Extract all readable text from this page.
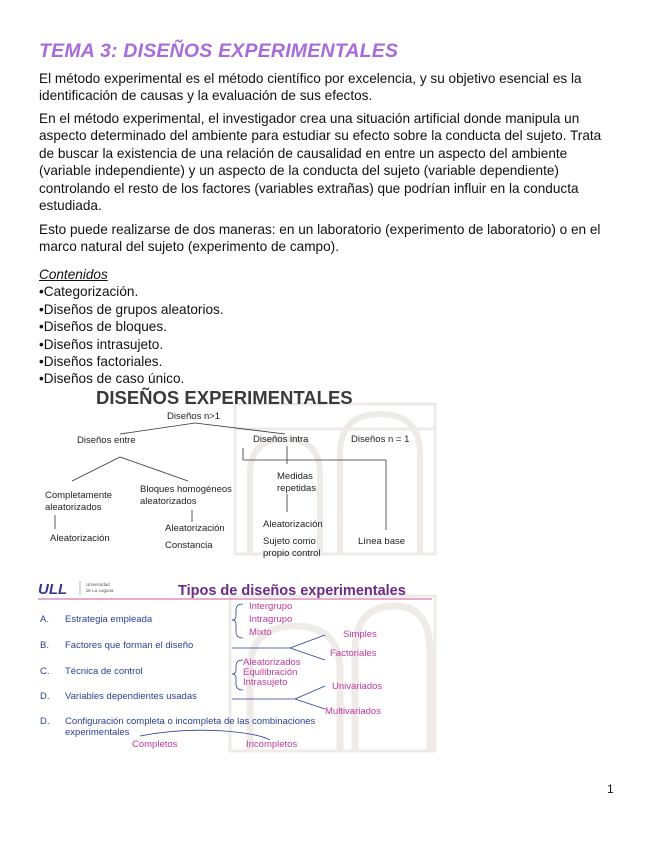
TEMA 3: DISEÑOS EXPERIMENTALES

El método experimental es el método científico por excelencia, y su objetivo esencial es la identificación de causas y la evaluación de sus efectos.

En el método experimental, el investigador crea una situación artificial donde manipula un aspecto determinado del ambiente para estudiar su efecto sobre la conducta del sujeto. Trata de buscar la existencia de una relación de causalidad en entre un aspecto del ambiente (variable independiente) y un aspecto de la conducta del sujeto (variable dependiente) controlando el resto de los factores (variables extrañas) que podrían influir en la conducta estudiada.

Esto puede realizarse de dos maneras: en un laboratorio (experimento de laboratorio) o en el marco natural del sujeto (experimento de campo).

Contenidos
• Categorización.
• Diseños de grupos aleatorios.
• Diseños de bloques.
• Diseños intrasujeto.
• Diseños factoriales.
• Diseños de caso único.
DISEÑOS EXPERIMENTALES
Diseños n>1
Diseños entre	Diseños intra	Diseños n = 1
Completamente
aleatorizados
Bloques homogéneos
aleatorizados
Medidas
repetidas
Aleatorización
Aleatorización
Constancia
Aleatorización
Sujeto como
propio control
Línea base
ULL	Universidad
de La Laguna	Tipos de diseños experimentales
A. Estrategia empleada
B. Factores que forman el diseño
C. Técnica de control
D. Variables dependientes usadas
D. Configuración completa o incompleta de las combinaciones
experimentales
Intergrupo
Intragrupo
Mixto	Simples
Factoriales
Aleatorizados
Equilibración
Intrasujeto	Univariados
Multivariados
Completos	Incompletos
1
